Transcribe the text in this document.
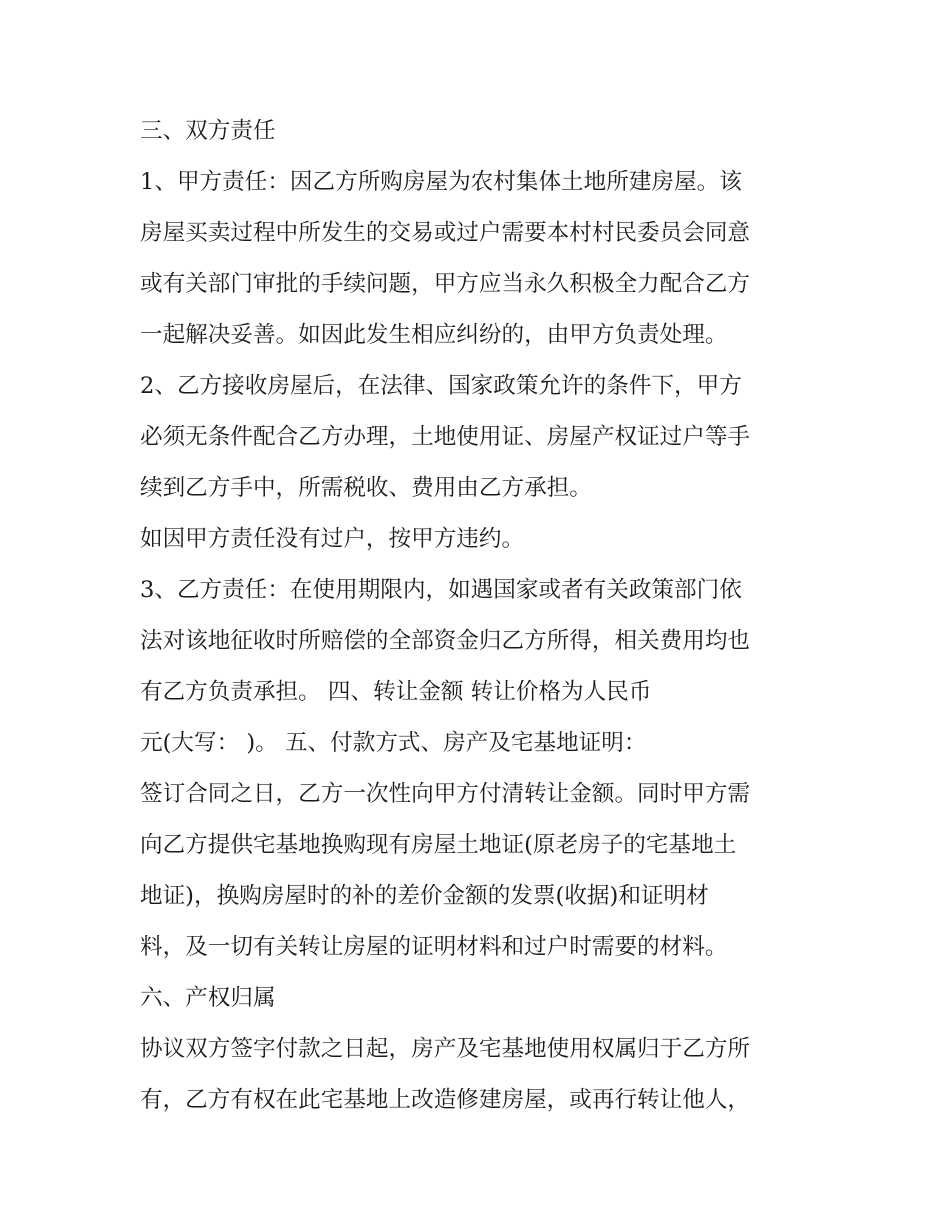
三、双方责任
1、甲方责任：因乙方所购房屋为农村集体土地所建房屋。该
房屋买卖过程中所发生的交易或过户需要本村村民委员会同意
或有关部门审批的手续问题，甲方应当永久积极全力配合乙方
一起解决妥善。如因此发生相应纠纷的，由甲方负责处理。
2、乙方接收房屋后，在法律、国家政策允许的条件下，甲方
必须无条件配合乙方办理，土地使用证、房屋产权证过户等手
续到乙方手中，所需税收、费用由乙方承担。
如因甲方责任没有过户，按甲方违约。
3、乙方责任：在使用期限内，如遇国家或者有关政策部门依
法对该地征收时所赔偿的全部资金归乙方所得，相关费用均也
有乙方负责承担。 四、转让金额 转让价格为人民币
元(大写： )。 五、付款方式、房产及宅基地证明：
签订合同之日，乙方一次性向甲方付清转让金额。同时甲方需
向乙方提供宅基地换购现有房屋土地证(原老房子的宅基地土
地证)，换购房屋时的补的差价金额的发票(收据)和证明材
料，及一切有关转让房屋的证明材料和过户时需要的材料。
六、产权归属
协议双方签字付款之日起，房产及宅基地使用权属归于乙方所
有，乙方有权在此宅基地上改造修建房屋，或再行转让他人，
